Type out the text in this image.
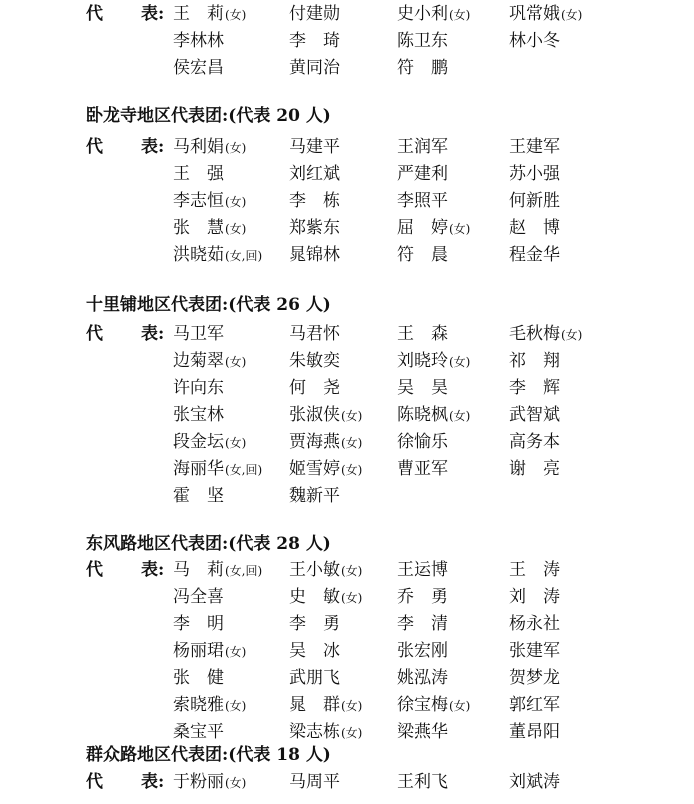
代 表: 王　莉(女)	付建勋	史小利(女) 巩常娥(女)
李林林	李　琦	陈卫东	林小冬
侯宏昌	黄同治	符　鹏
卧龙寺地区代表团:(代表 20 人)
代 表: 马利娟(女)	马建平	王润军	王建军
王　强	刘红斌	严建利	苏小强
李志恒(女)	李　栋	李照平	何新胜
张　慧(女)	郑紫东	屈　婷(女) 赵　博
洪晓茹(女,回) 晁锦林	符　晨	程金华
十里铺地区代表团:(代表 26 人)
代 表: 马卫军	马君怀	王　森	毛秋梅(女)
边菊翠(女)	朱敏奕	刘晓玲(女) 祁　翔
许向东	何　尧	吴　昊	李　辉
张宝林	张淑侠(女) 陈晓枫(女) 武智斌
段金坛(女)	贾海燕(女) 徐愉乐	高务本
海丽华(女,回) 姬雪婷(女) 曹亚军	谢　亮
霍　坚	魏新平
东风路地区代表团:(代表 28 人)
代 表: 马　莉(女,回) 王小敏(女) 王运博	王　涛
冯全喜	史　敏(女) 乔　勇	刘　涛
李　明	李　勇	李　清	杨永社
杨丽珺(女)	吴　冰	张宏刚	张建军
张　健	武朋飞	姚泓涛	贺梦龙
索晓雅(女)	晁　群(女) 徐宝梅(女) 郭红军
桑宝平	梁志栋(女) 梁燕华	董昂阳
群众路地区代表团:(代表 18 人)
代 表: 于粉丽(女)	马周平	王利飞	刘斌涛
